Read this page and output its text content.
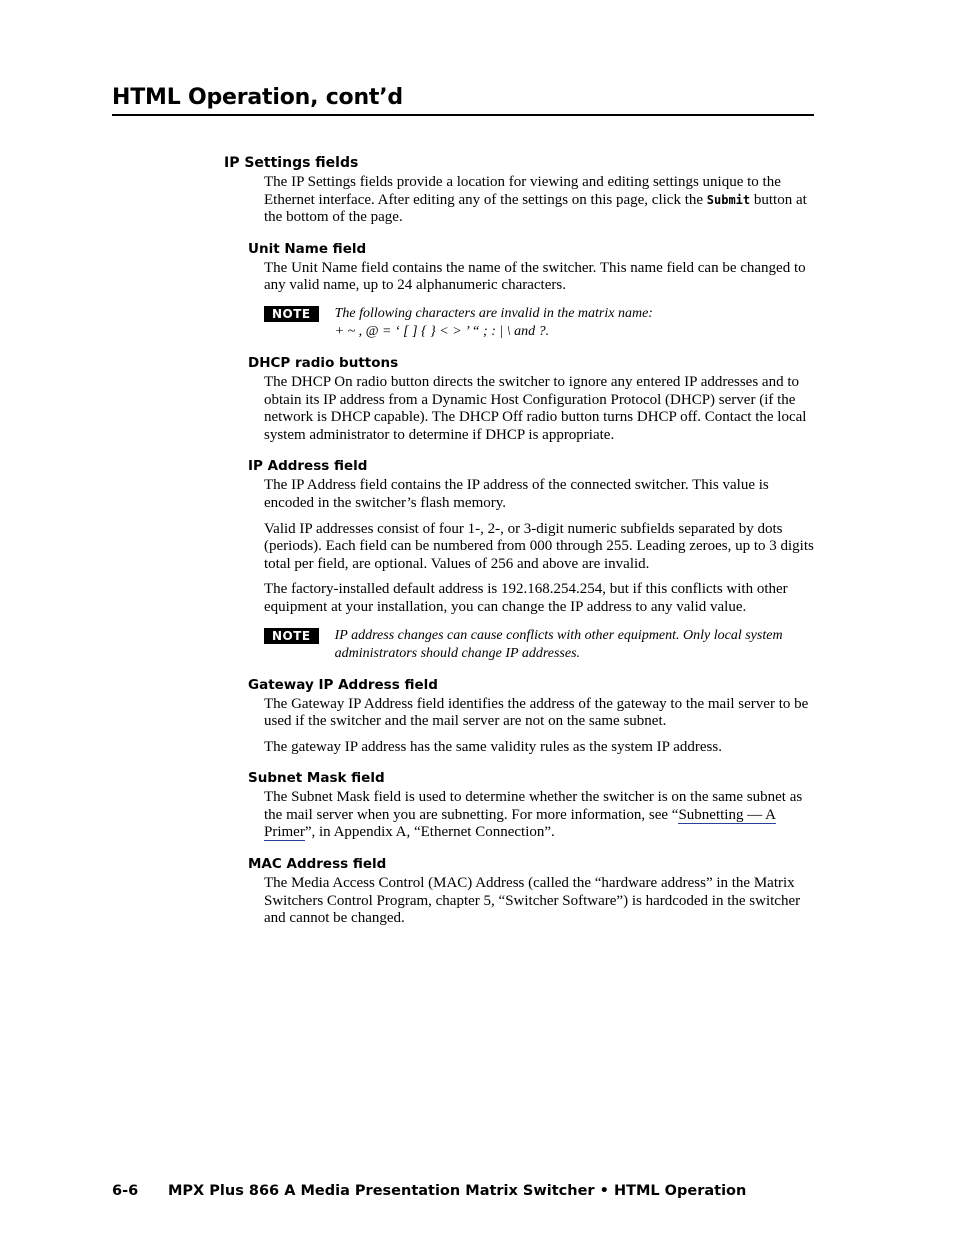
HTML Operation, cont’d
IP Settings fields

The IP Settings fields provide a location for viewing and editing settings unique to the Ethernet interface. After editing any of the settings on this page, click the Submit button at the bottom of the page.

Unit Name field

The Unit Name field contains the name of the switcher. This name field can be changed to any valid name, up to 24 alphanumeric characters.

NOTE	The following characters are invalid in the matrix name:
+ ~ , @ = ‘ [ ] { } < > ’ “ ; : | \ and ?.
DHCP radio buttons

The DHCP On radio button directs the switcher to ignore any entered IP addresses and to obtain its IP address from a Dynamic Host Configuration Protocol (DHCP) server (if the network is DHCP capable). The DHCP Off radio button turns DHCP off. Contact the local system administrator to determine if DHCP is appropriate.

IP Address field

The IP Address field contains the IP address of the connected switcher. This value is encoded in the switcher’s flash memory.

Valid IP addresses consist of four 1-, 2-, or 3-digit numeric subfields separated by dots (periods). Each field can be numbered from 000 through 255. Leading zeroes, up to 3 digits total per field, are optional. Values of 256 and above are invalid.

The factory-installed default address is 192.168.254.254, but if this conflicts with other equipment at your installation, you can change the IP address to any valid value.

NOTE	IP address changes can cause conflicts with other equipment. Only local system administrators should change IP addresses.
Gateway IP Address field

The Gateway IP Address field identifies the address of the gateway to the mail server to be used if the switcher and the mail server are not on the same subnet.

The gateway IP address has the same validity rules as the system IP address.

Subnet Mask field

The Subnet Mask field is used to determine whether the switcher is on the same subnet as the mail server when you are subnetting. For more information, see “Subnetting — A Primer”, in Appendix A, “Ethernet Connection”.

MAC Address field

The Media Access Control (MAC) Address (called the “hardware address” in the Matrix Switchers Control Program, chapter 5, “Switcher Software”) is hardcoded in the switcher and cannot be changed.

6-6	MPX Plus 866 A Media Presentation Matrix Switcher • HTML Operation
